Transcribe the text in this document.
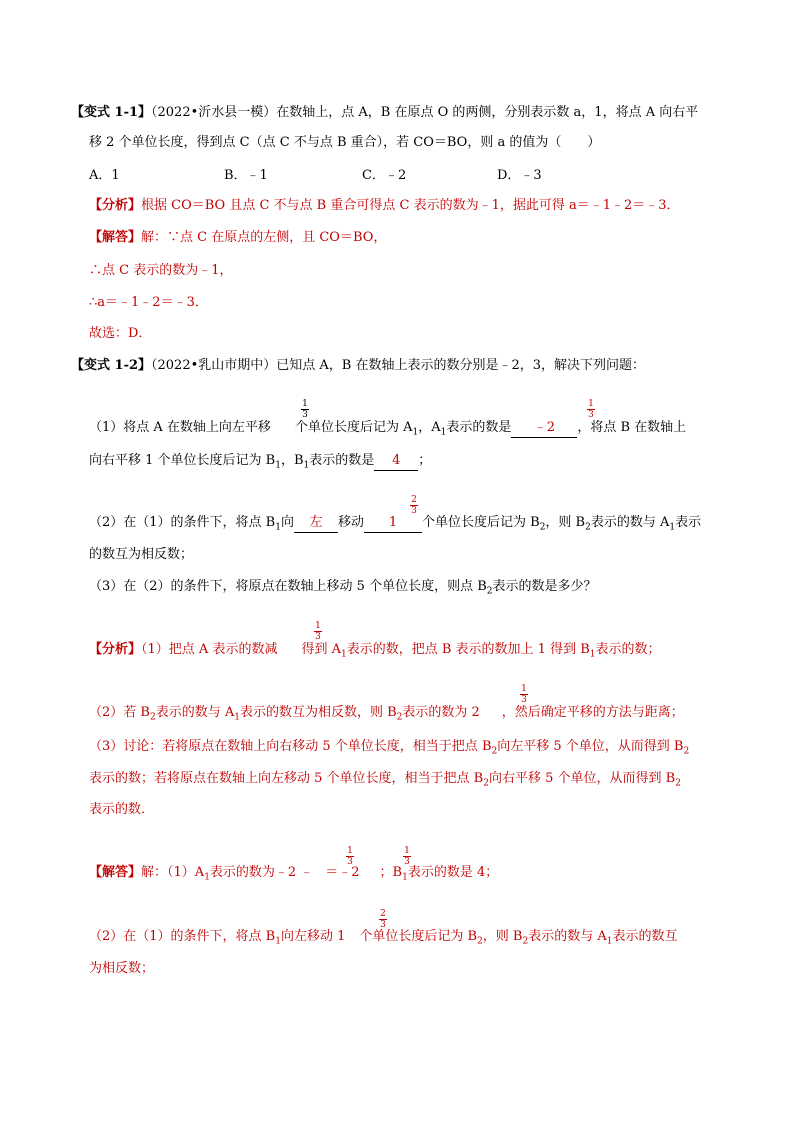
【变式 1-1】（2022•沂水县一模）在数轴上，点 A，B 在原点 O 的两侧，分别表示数 a，1，将点 A 向右平
移 2 个单位长度，得到点 C（点 C 不与点 B 重合），若 CO＝BO，则 a 的值为（　　）
A．1	B．﹣1	C．﹣2	D．﹣3
【分析】根据 CO＝BO 且点 C 不与点 B 重合可得点 C 表示的数为﹣1，据此可得 a＝﹣1﹣2＝﹣3．
【解答】解：∵点 C 在原点的左侧，且 CO＝BO，
∴点 C 表示的数为﹣1，
∴a＝﹣1﹣2＝﹣3．
故选：D．
【变式 1-2】（2022•乳山市期中）已知点 A，B 在数轴上表示的数分别是﹣2，3，解决下列问题：
1
3
（1）将点 A 在数轴上向左平移 个单位长度后记为 $A_1$，$A_1$表示的数是 ﹣2 ，将点 B 在数轴上
1
3
向右平移 1 个单位长度后记为 $B_1$，$B_1$表示的数是 4 ；
2
3
（2）在（1）的条件下，将点 $B_1$向 左 移动 1 个单位长度后记为 $B_2$，则 $B_2$表示的数与 $A_1$表示
的数互为相反数；
（3）在（2）的条件下，将原点在数轴上移动 5 个单位长度，则点 $B_2$表示的数是多少？
1
3
【分析】（1）把点 A 表示的数减 得到 $A_1$表示的数，把点 B 表示的数加上 1 得到 $B_1$表示的数；
1
3
（2）若 $B_2$表示的数与 $A_1$表示的数互为相反数，则 $B_2$表示的数为 2 ，然后确定平移的方法与距离；
（3）讨论：若将原点在数轴上向右移动 5 个单位长度，相当于把点 $B_2$向左平移 5 个单位，从而得到 $B_2$
表示的数；若将原点在数轴上向左移动 5 个单位长度，相当于把点 $B_2$向右平移 5 个单位，从而得到 $B_2$
表示的数．
1
3
1
3
【解答】解：$(1)A_1$表示的数为﹣2 ﹣ ＝﹣2 ；$B_1$表示的数是 4；
2
3
（2）在（1）的条件下，将点 $B_1$向左移动 1 个单位长度后记为 $B_2$，则 $B_2$表示的数与 $A_1$表示的数互
为相反数；
